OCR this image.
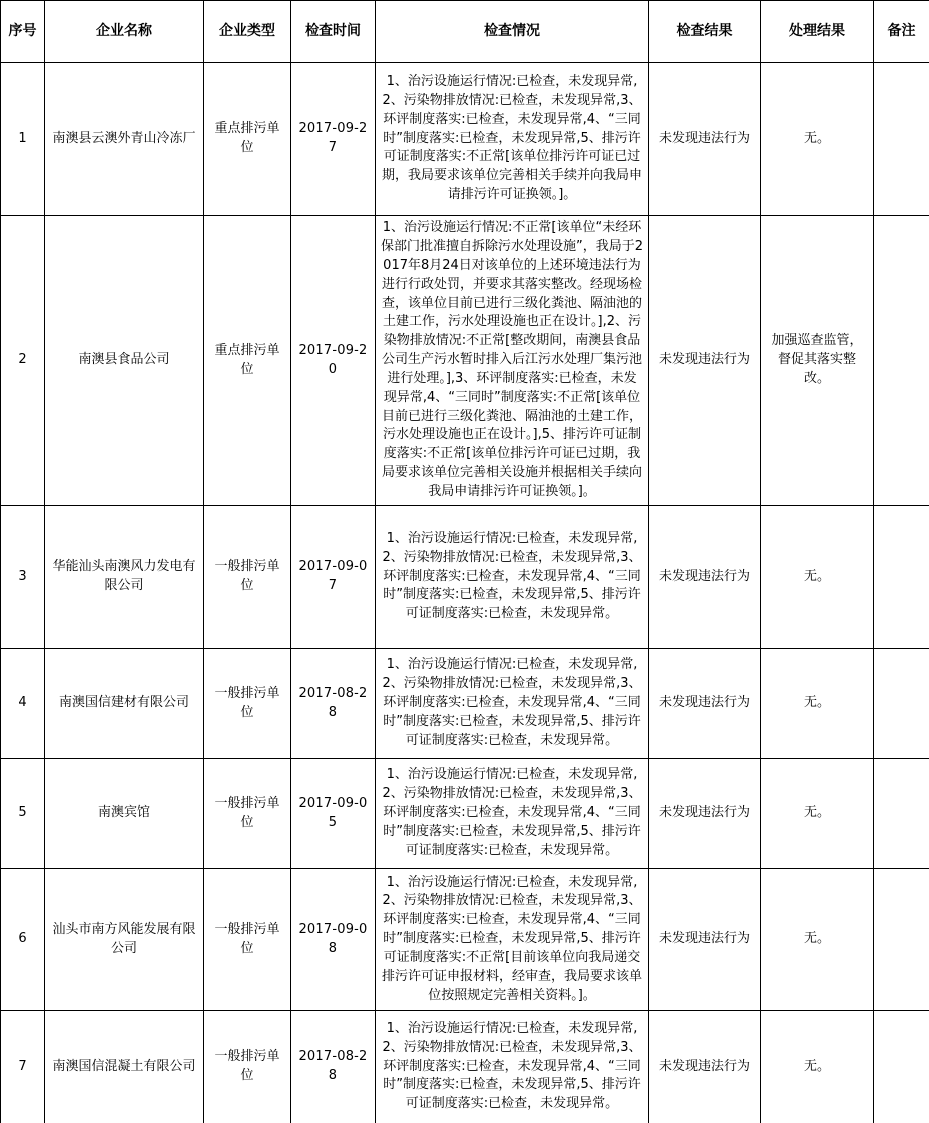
序号	企业名称	企业类型	检查时间	检查情况	检查结果	处理结果	备注
1	南澳县云澳外青山冷冻厂	重点排污单位	2017-09-27	1、治污设施运行情况:已检查，未发现异常,2、污染物排放情况:已检查，未发现异常,3、环评制度落实:已检查，未发现异常,4、“三同时”制度落实:已检查，未发现异常,5、排污许可证制度落实:不正常[该单位排污许可证已过期，我局要求该单位完善相关手续并向我局申请排污许可证换领。]。	未发现违法行为	无。	
2	南澳县食品公司	重点排污单位	2017-09-20	1、治污设施运行情况:不正常[该单位“未经环保部门批准擅自拆除污水处理设施”，我局于2017年8月24日对该单位的上述环境违法行为进行行政处罚，并要求其落实整改。经现场检查，该单位目前已进行三级化粪池、隔油池的土建工作，污水处理设施也正在设计。],2、污染物排放情况:不正常[整改期间，南澳县食品公司生产污水暂时排入后江污水处理厂集污池进行处理。],3、环评制度落实:已检查，未发现异常,4、“三同时”制度落实:不正常[该单位目前已进行三级化粪池、隔油池的土建工作，污水处理设施也正在设计。],5、排污许可证制度落实:不正常[该单位排污许可证已过期，我局要求该单位完善相关设施并根据相关手续向我局申请排污许可证换领。]。	未发现违法行为	加强巡查监管，督促其落实整改。	
3	华能汕头南澳风力发电有限公司	一般排污单位	2017-09-07	1、治污设施运行情况:已检查，未发现异常,2、污染物排放情况:已检查，未发现异常,3、环评制度落实:已检查，未发现异常,4、“三同时”制度落实:已检查，未发现异常,5、排污许可证制度落实:已检查，未发现异常。	未发现违法行为	无。	
4	南澳国信建材有限公司	一般排污单位	2017-08-28	1、治污设施运行情况:已检查，未发现异常,2、污染物排放情况:已检查，未发现异常,3、环评制度落实:已检查，未发现异常,4、“三同时”制度落实:已检查，未发现异常,5、排污许可证制度落实:已检查，未发现异常。	未发现违法行为	无。	
5	南澳宾馆	一般排污单位	2017-09-05	1、治污设施运行情况:已检查，未发现异常,2、污染物排放情况:已检查，未发现异常,3、环评制度落实:已检查，未发现异常,4、“三同时”制度落实:已检查，未发现异常,5、排污许可证制度落实:已检查，未发现异常。	未发现违法行为	无。	
6	汕头市南方风能发展有限公司	一般排污单位	2017-09-08	1、治污设施运行情况:已检查，未发现异常,2、污染物排放情况:已检查，未发现异常,3、环评制度落实:已检查，未发现异常,4、“三同时”制度落实:已检查，未发现异常,5、排污许可证制度落实:不正常[目前该单位向我局递交排污许可证申报材料，经审查，我局要求该单位按照规定完善相关资料。]。	未发现违法行为	无。	
7	南澳国信混凝土有限公司	一般排污单位	2017-08-28	1、治污设施运行情况:已检查，未发现异常,2、污染物排放情况:已检查，未发现异常,3、环评制度落实:已检查，未发现异常,4、“三同时”制度落实:已检查，未发现异常,5、排污许可证制度落实:已检查，未发现异常。	未发现违法行为	无。	
